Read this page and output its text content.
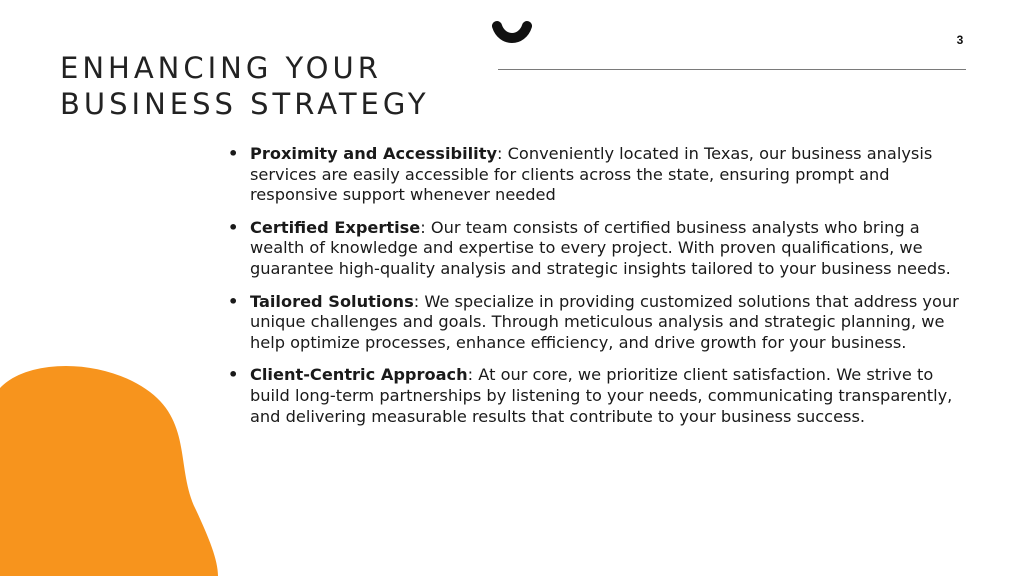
3
ENHANCING YOUR
BUSINESS STRATEGY
• Proximity and Accessibility: Conveniently located in Texas, our business analysis services are easily accessible for clients across the state, ensuring prompt and responsive support whenever needed
• Certified Expertise: Our team consists of certified business analysts who bring a wealth of knowledge and expertise to every project. With proven qualifications, we guarantee high-quality analysis and strategic insights tailored to your business needs.
• Tailored Solutions: We specialize in providing customized solutions that address your unique challenges and goals. Through meticulous analysis and strategic planning, we help optimize processes, enhance efficiency, and drive growth for your business.
• Client-Centric Approach: At our core, we prioritize client satisfaction. We strive to build long-term partnerships by listening to your needs, communicating transparently, and delivering measurable results that contribute to your business success.
